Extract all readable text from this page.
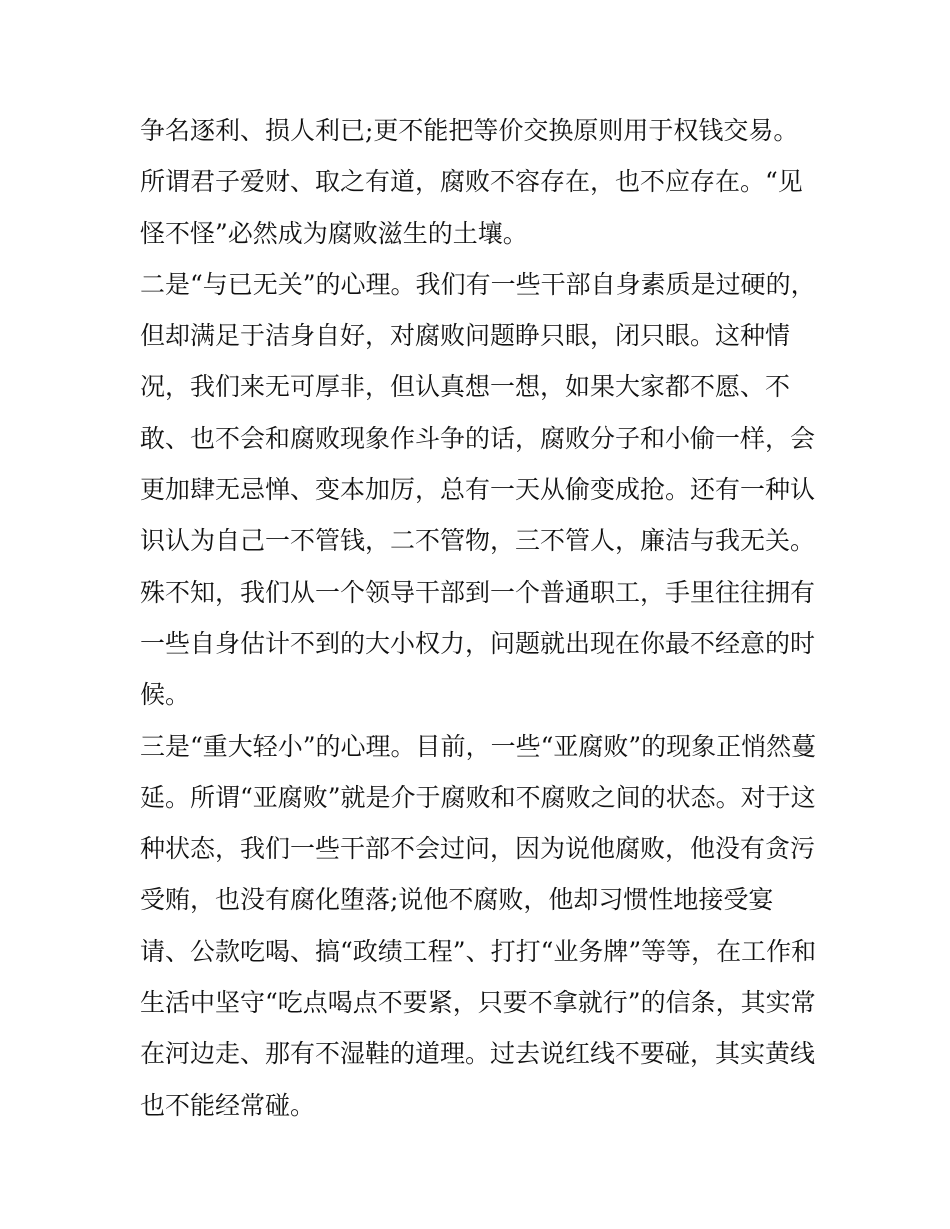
争名逐利、损人利已;更不能把等价交换原则用于权钱交易。
所谓君子爱财、取之有道，腐败不容存在，也不应存在。“见
怪不怪”必然成为腐败滋生的土壤。
二是“与已无关”的心理。我们有一些干部自身素质是过硬的，
但却满足于洁身自好，对腐败问题睁只眼，闭只眼。这种情
况，我们来无可厚非，但认真想一想，如果大家都不愿、不
敢、也不会和腐败现象作斗争的话，腐败分子和小偷一样，会
更加肆无忌惮、变本加厉，总有一天从偷变成抢。还有一种认
识认为自己一不管钱，二不管物，三不管人，廉洁与我无关。
殊不知，我们从一个领导干部到一个普通职工，手里往往拥有
一些自身估计不到的大小权力，问题就出现在你最不经意的时
候。
三是“重大轻小”的心理。目前，一些“亚腐败”的现象正悄然蔓
延。所谓“亚腐败”就是介于腐败和不腐败之间的状态。对于这
种状态，我们一些干部不会过问，因为说他腐败，他没有贪污
受贿，也没有腐化堕落;说他不腐败，他却习惯性地接受宴
请、公款吃喝、搞“政绩工程”、打打“业务牌”等等，在工作和
生活中坚守“吃点喝点不要紧，只要不拿就行”的信条，其实常
在河边走、那有不湿鞋的道理。过去说红线不要碰，其实黄线
也不能经常碰。
